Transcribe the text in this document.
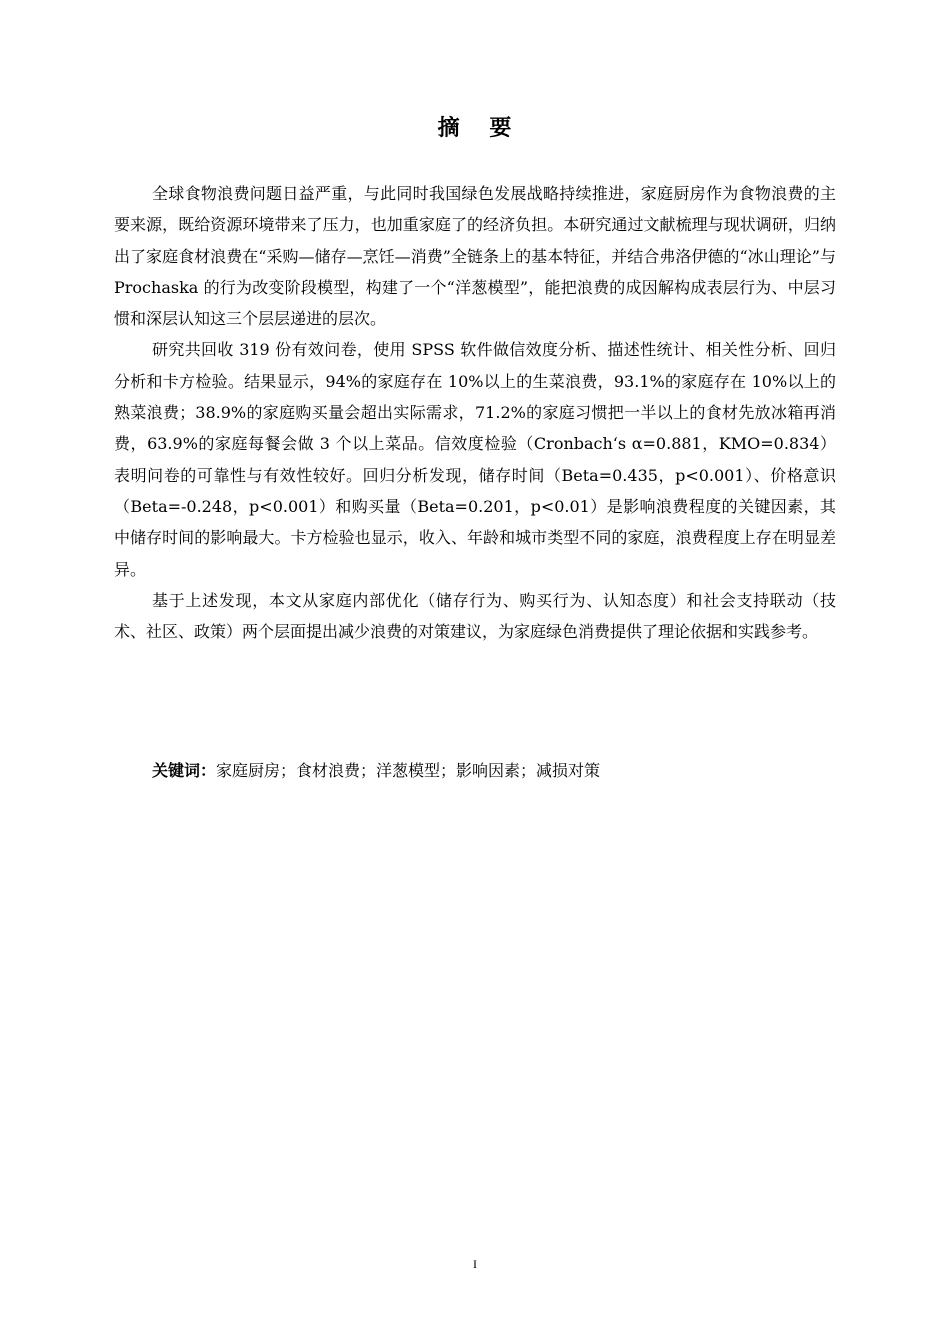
摘 要

全球食物浪费问题日益严重，与此同时我国绿色发展战略持续推进，家庭厨房作为食物浪费的主要来源，既给资源环境带来了压力，也加重家庭了的经济负担。本研究通过文献梳理与现状调研，归纳出了家庭食材浪费在“采购—储存—烹饪—消费”全链条上的基本特征，并结合弗洛伊德的“冰山理论”与 Prochaska 的行为改变阶段模型，构建了一个“洋葱模型”，能把浪费的成因解构成表层行为、中层习惯和深层认知这三个层层递进的层次。

研究共回收 319 份有效问卷，使用 SPSS 软件做信效度分析、描述性统计、相关性分析、回归分析和卡方检验。结果显示，94%的家庭存在 10%以上的生菜浪费，93.1%的家庭存在 10%以上的熟菜浪费；38.9%的家庭购买量会超出实际需求，71.2%的家庭习惯把一半以上的食材先放冰箱再消费，63.9%的家庭每餐会做 3 个以上菜品。信效度检验（Cronbach‘s α=0.881，KMO=0.834）表明问卷的可靠性与有效性较好。回归分析发现，储存时间（Beta=0.435，p<0.001）、价格意识（Beta=-0.248，p<0.001）和购买量（Beta=0.201，p<0.01）是影响浪费程度的关键因素，其中储存时间的影响最大。卡方检验也显示，收入、年龄和城市类型不同的家庭，浪费程度上存在明显差异。

基于上述发现，本文从家庭内部优化（储存行为、购买行为、认知态度）和社会支持联动（技术、社区、政策）两个层面提出减少浪费的对策建议，为家庭绿色消费提供了理论依据和实践参考。

关键词：家庭厨房；食材浪费；洋葱模型；影响因素；减损对策
I
